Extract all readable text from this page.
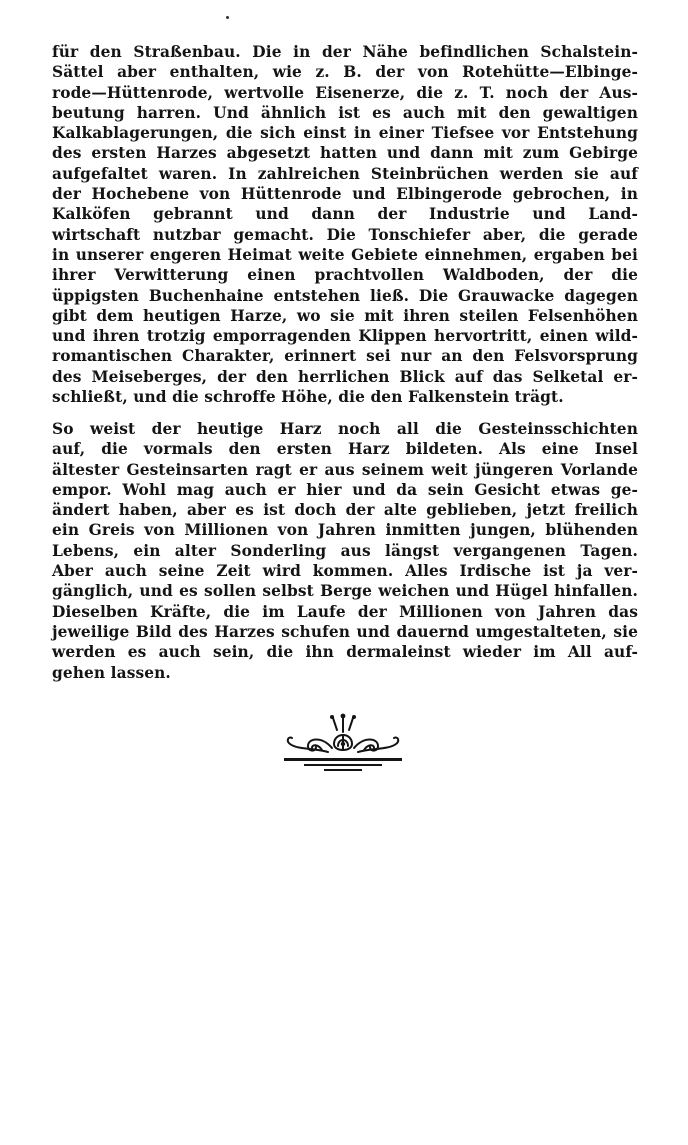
für den Straßenbau. Die in der Nähe befindlichen Schalstein-
Sättel aber enthalten, wie z. B. der von Rotehütte—Elbinge-
rode—Hüttenrode, wertvolle Eisenerze, die z. T. noch der Aus-
beutung harren. Und ähnlich ist es auch mit den gewaltigen
Kalkablagerungen, die sich einst in einer Tiefsee vor Entstehung
des ersten Harzes abgesetzt hatten und dann mit zum Gebirge
aufgefaltet waren. In zahlreichen Steinbrüchen werden sie auf
der Hochebene von Hüttenrode und Elbingerode gebrochen, in
Kalköfen gebrannt und dann der Industrie und Land-
wirtschaft nutzbar gemacht. Die Tonschiefer aber, die gerade
in unserer engeren Heimat weite Gebiete einnehmen, ergaben bei
ihrer Verwitterung einen prachtvollen Waldboden, der die
üppigsten Buchenhaine entstehen ließ. Die Grauwacke dagegen
gibt dem heutigen Harze, wo sie mit ihren steilen Felsenhöhen
und ihren trotzig emporragenden Klippen hervortritt, einen wild-
romantischen Charakter, erinnert sei nur an den Felsvorsprung
des Meiseberges, der den herrlichen Blick auf das Selketal er-
schließt, und die schroffe Höhe, die den Falkenstein trägt.
So weist der heutige Harz noch all die Gesteinsschichten
auf, die vormals den ersten Harz bildeten. Als eine Insel
ältester Gesteinsarten ragt er aus seinem weit jüngeren Vorlande
empor. Wohl mag auch er hier und da sein Gesicht etwas ge-
ändert haben, aber es ist doch der alte geblieben, jetzt freilich
ein Greis von Millionen von Jahren inmitten jungen, blühenden
Lebens, ein alter Sonderling aus längst vergangenen Tagen.
Aber auch seine Zeit wird kommen. Alles Irdische ist ja ver-
gänglich, und es sollen selbst Berge weichen und Hügel hinfallen.
Dieselben Kräfte, die im Laufe der Millionen von Jahren das
jeweilige Bild des Harzes schufen und dauernd umgestalteten, sie
werden es auch sein, die ihn dermaleinst wieder im All auf-
gehen lassen.
